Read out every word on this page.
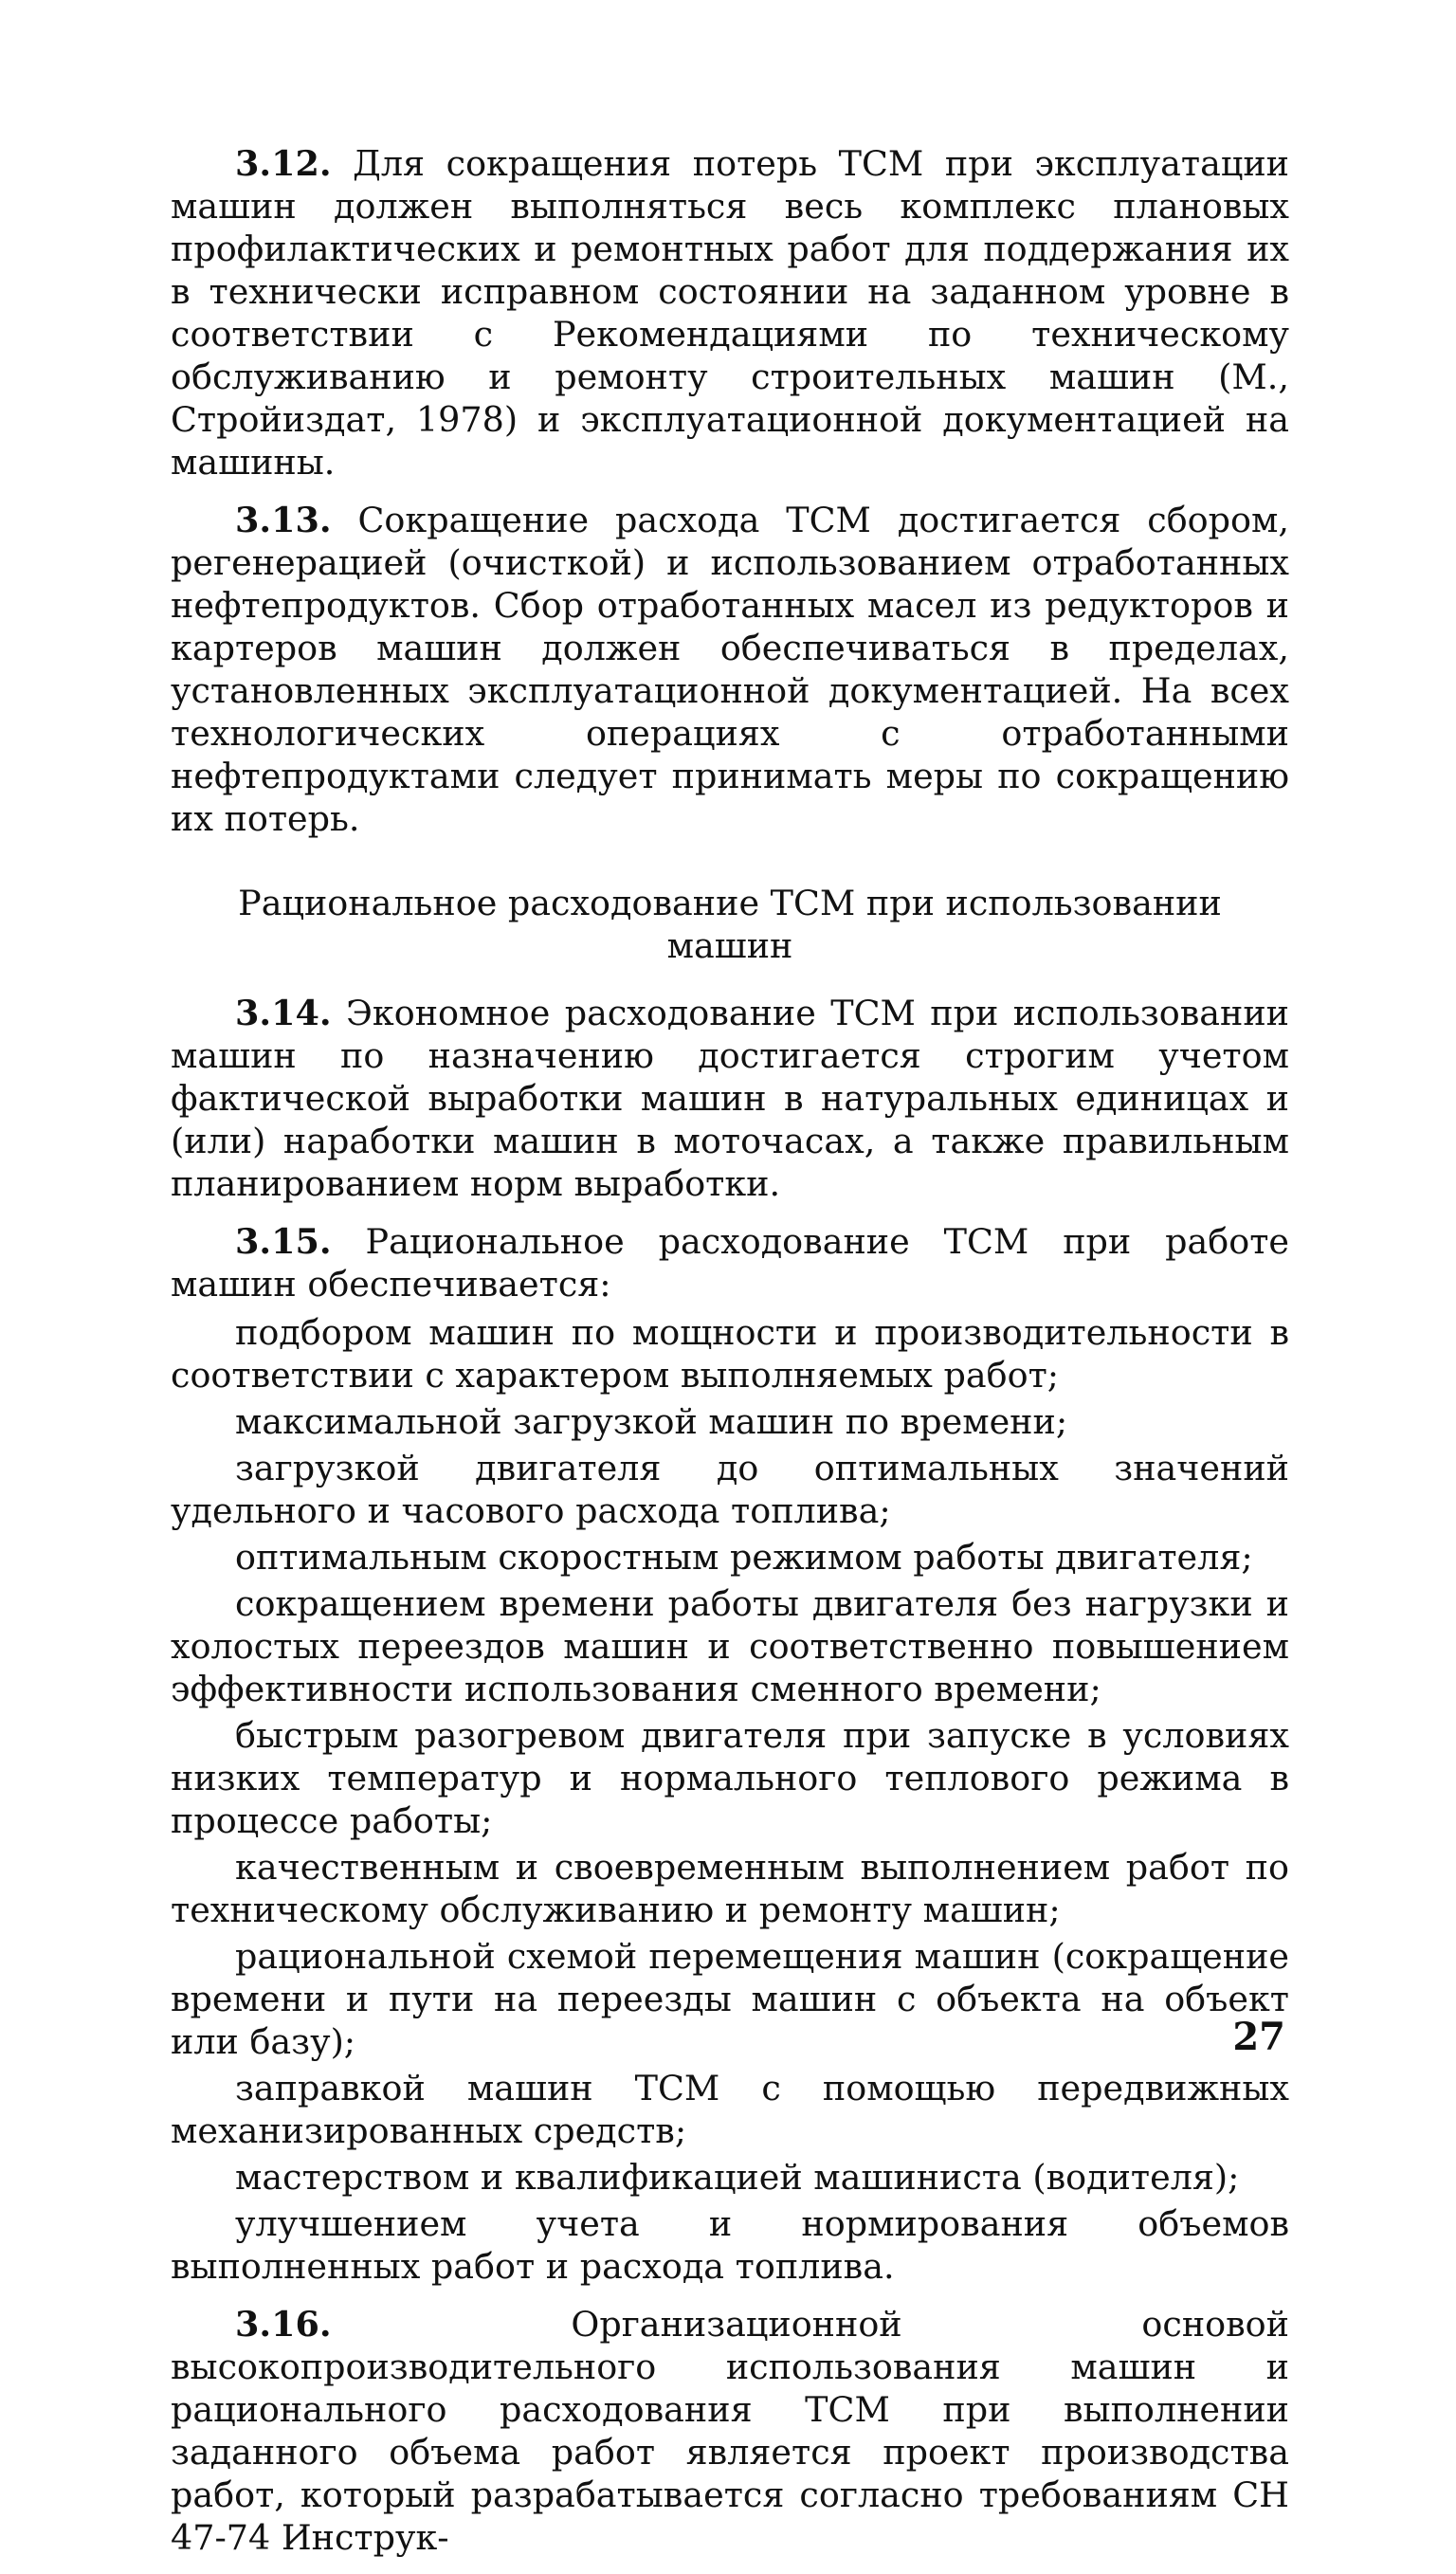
3.12. Для сокращения потерь ТСМ при эксплуатации машин должен выполняться весь комплекс плановых профилактических и ремонтных работ для поддержания их в технически исправном состоянии на заданном уровне в соответствии с Рекомендациями по техническому обслуживанию и ремонту строительных машин (М., Стройиздат, 1978) и эксплуатационной документацией на машины.

3.13. Сокращение расхода ТСМ достигается сбором, регенерацией (очисткой) и использованием отработанных нефтепродуктов. Сбор отработанных масел из редукторов и картеров машин должен обеспечиваться в пределах, установленных эксплуатационной документацией. На всех технологических операциях с отработанными нефтепродуктами следует принимать меры по сокращению их потерь.

Рациональное расходование ТСМ при использовании машин

3.14. Экономное расходование ТСМ при использовании машин по назначению достигается строгим учетом фактической выработки машин в натуральных единицах и (или) наработки машин в моточасах, а также правильным планированием норм выработки.

3.15. Рациональное расходование ТСМ при работе машин обеспечивается:

подбором машин по мощности и производительности в соответствии с характером выполняемых работ;
максимальной загрузкой машин по времени;
загрузкой двигателя до оптимальных значений удельного и часового расхода топлива;
оптимальным скоростным режимом работы двигателя;
сокращением времени работы двигателя без нагрузки и холостых переездов машин и соответственно повышением эффективности использования сменного времени;
быстрым разогревом двигателя при запуске в условиях низких температур и нормального теплового режима в процессе работы;
качественным и своевременным выполнением работ по техническому обслуживанию и ремонту машин;
рациональной схемой перемещения машин (сокращение времени и пути на переезды машин с объекта на объект или базу);
заправкой машин ТСМ с помощью передвижных механизированных средств;
мастерством и квалификацией машиниста (водителя);
улучшением учета и нормирования объемов выполненных работ и расхода топлива.

3.16. Организационной основой высокопроизводительного использования машин и рационального расходования ТСМ при выполнении заданного объема работ является проект производства работ, который разрабатывается согласно требованиям СН 47-74 Инструк-

27
